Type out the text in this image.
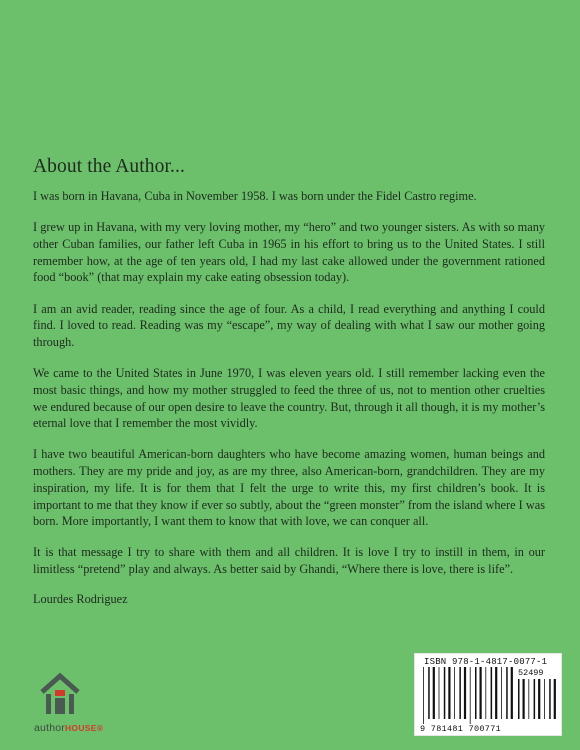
About the Author...

I was born in Havana, Cuba in November 1958. I was born under the Fidel Castro regime.

I grew up in Havana, with my very loving mother, my “hero” and two younger sisters. As with so many other Cuban families, our father left Cuba in 1965 in his effort to bring us to the United States. I still remember how, at the age of ten years old, I had my last cake allowed under the government rationed food “book” (that may explain my cake eating obsession today).

I am an avid reader, reading since the age of four. As a child, I read everything and anything I could find. I loved to read. Reading was my “escape”, my way of dealing with what I saw our mother going through.

We came to the United States in June 1970, I was eleven years old. I still remember lacking even the most basic things, and how my mother struggled to feed the three of us, not to mention other cruelties we endured because of our open desire to leave the country. But, through it all though, it is my mother’s eternal love that I remember the most vividly.

I have two beautiful American-born daughters who have become amazing women, human beings and mothers. They are my pride and joy, as are my three, also American-born, grandchildren. They are my inspiration, my life. It is for them that I felt the urge to write this, my first children’s book. It is important to me that they know if ever so subtly, about the “green monster” from the island where I was born. More importantly, I want them to know that with love, we can conquer all.

It is that message I try to share with them and all children. It is love I try to instill in them, in our limitless “pretend” play and always. As better said by Ghandi, “Where there is love, there is life”.

Lourdes Rodriguez

authorHOUSE®
ISBN 978-1-4817-0077-1
52499
9 781481 700771
